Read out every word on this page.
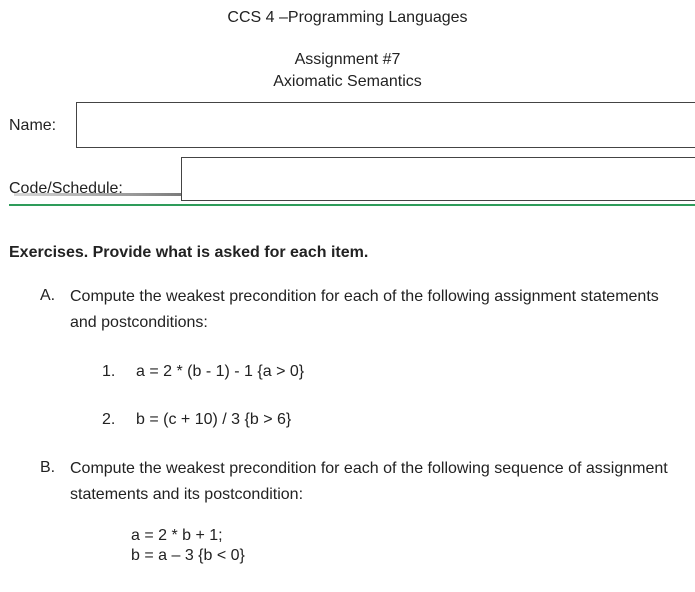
CCS 4 –Programming Languages
Assignment #7
Axiomatic Semantics
Name:
Code/Schedule:
Exercises. Provide what is asked for each item.
A. Compute the weakest precondition for each of the following assignment statements and postconditions:
1. a = 2 * (b - 1) - 1 {a > 0}
2. b = (c + 10) / 3 {b > 6}
B. Compute the weakest precondition for each of the following sequence of assignment statements and its postcondition:
a = 2 * b + 1;
b = a – 3 {b < 0}
